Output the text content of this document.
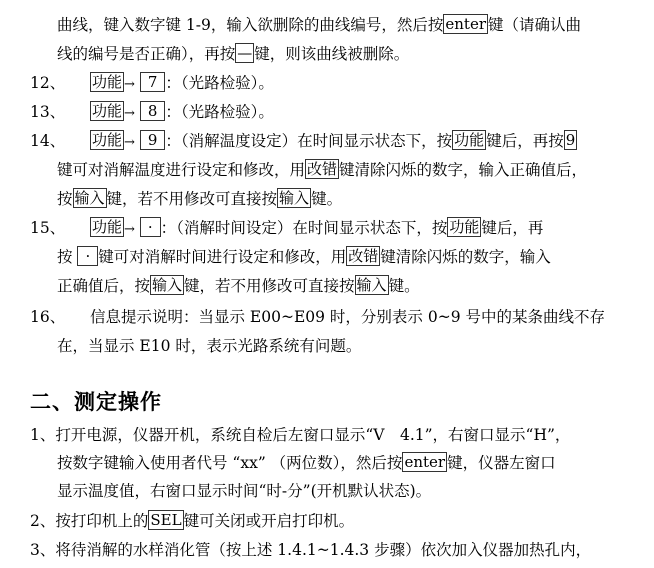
曲线，键入数字键 1-9，输入欲删除的曲线编号，然后按 enter 键（请确认曲
线的编号是否正确），再按 — 键，则该曲线被删除。
12、 功能 → 7 ：（光路检验）。
13、 功能 → 8 ：（光路检验）。
14、 功能 → 9 ：（消解温度设定）在时间显示状态下，按 功能 键后，再按 9
键可对消解温度进行设定和修改，用 改错 键清除闪烁的数字，输入正确值后，
按 输入 键，若不用修改可直接按 输入 键。
15、 功能 → · ：（消解时间设定）在时间显示状态下，按 功能 键后，再
按 · 键可对消解时间进行设定和修改，用 改错 键清除闪烁的数字，输入
正确值后，按 输入 键，若不用修改可直接按 输入 键。
16、 信息提示说明：当显示 E00~E09 时，分别表示 0~9 号中的某条曲线不存
在，当显示 E10 时，表示光路系统有问题。
二、测定操作
1、打开电源，仪器开机，系统自检后左窗口显示“V　4.1”，右窗口显示“H”，
按数字键输入使用者代号 “xx” （两位数），然后按 enter 键，仪器左窗口
显示温度值，右窗口显示时间“时-分”(开机默认状态)。
2、按打印机上的 SEL 键可关闭或开启打印机。
3、将待消解的水样消化管（按上述 1.4.1~1.4.3 步骤）依次加入仪器加热孔内，
